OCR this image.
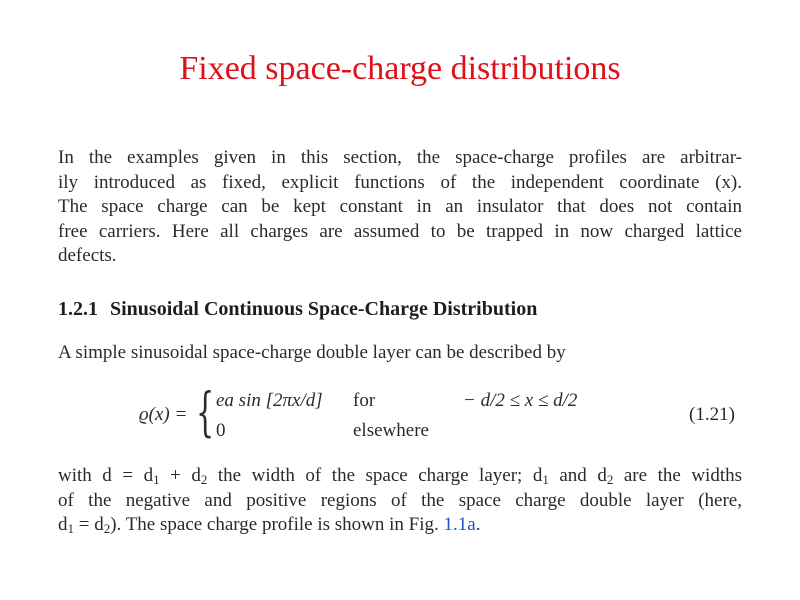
Fixed space-charge distributions
In the examples given in this section, the space-charge profiles are arbitrar-
ily introduced as fixed, explicit functions of the independent coordinate (x).
The space charge can be kept constant in an insulator that does not contain
free carriers. Here all charges are assumed to be trapped in now charged lattice
defects.
1.2.1 Sinusoidal Continuous Space-Charge Distribution
A simple sinusoidal space-charge double layer can be described by
ϱ(x) = { ea sin [2πx/d] for	− d/2 ≤ x ≤ d/2
0	elsewhere
(1.21)
with $d = d_1 + d_2$ the width of the space charge layer; $d_1$ and $d_2$ are the widths
of the negative and positive regions of the space charge double layer (here,
$d_1 = d_2$). The space charge profile is shown in Fig. 1.1a.
